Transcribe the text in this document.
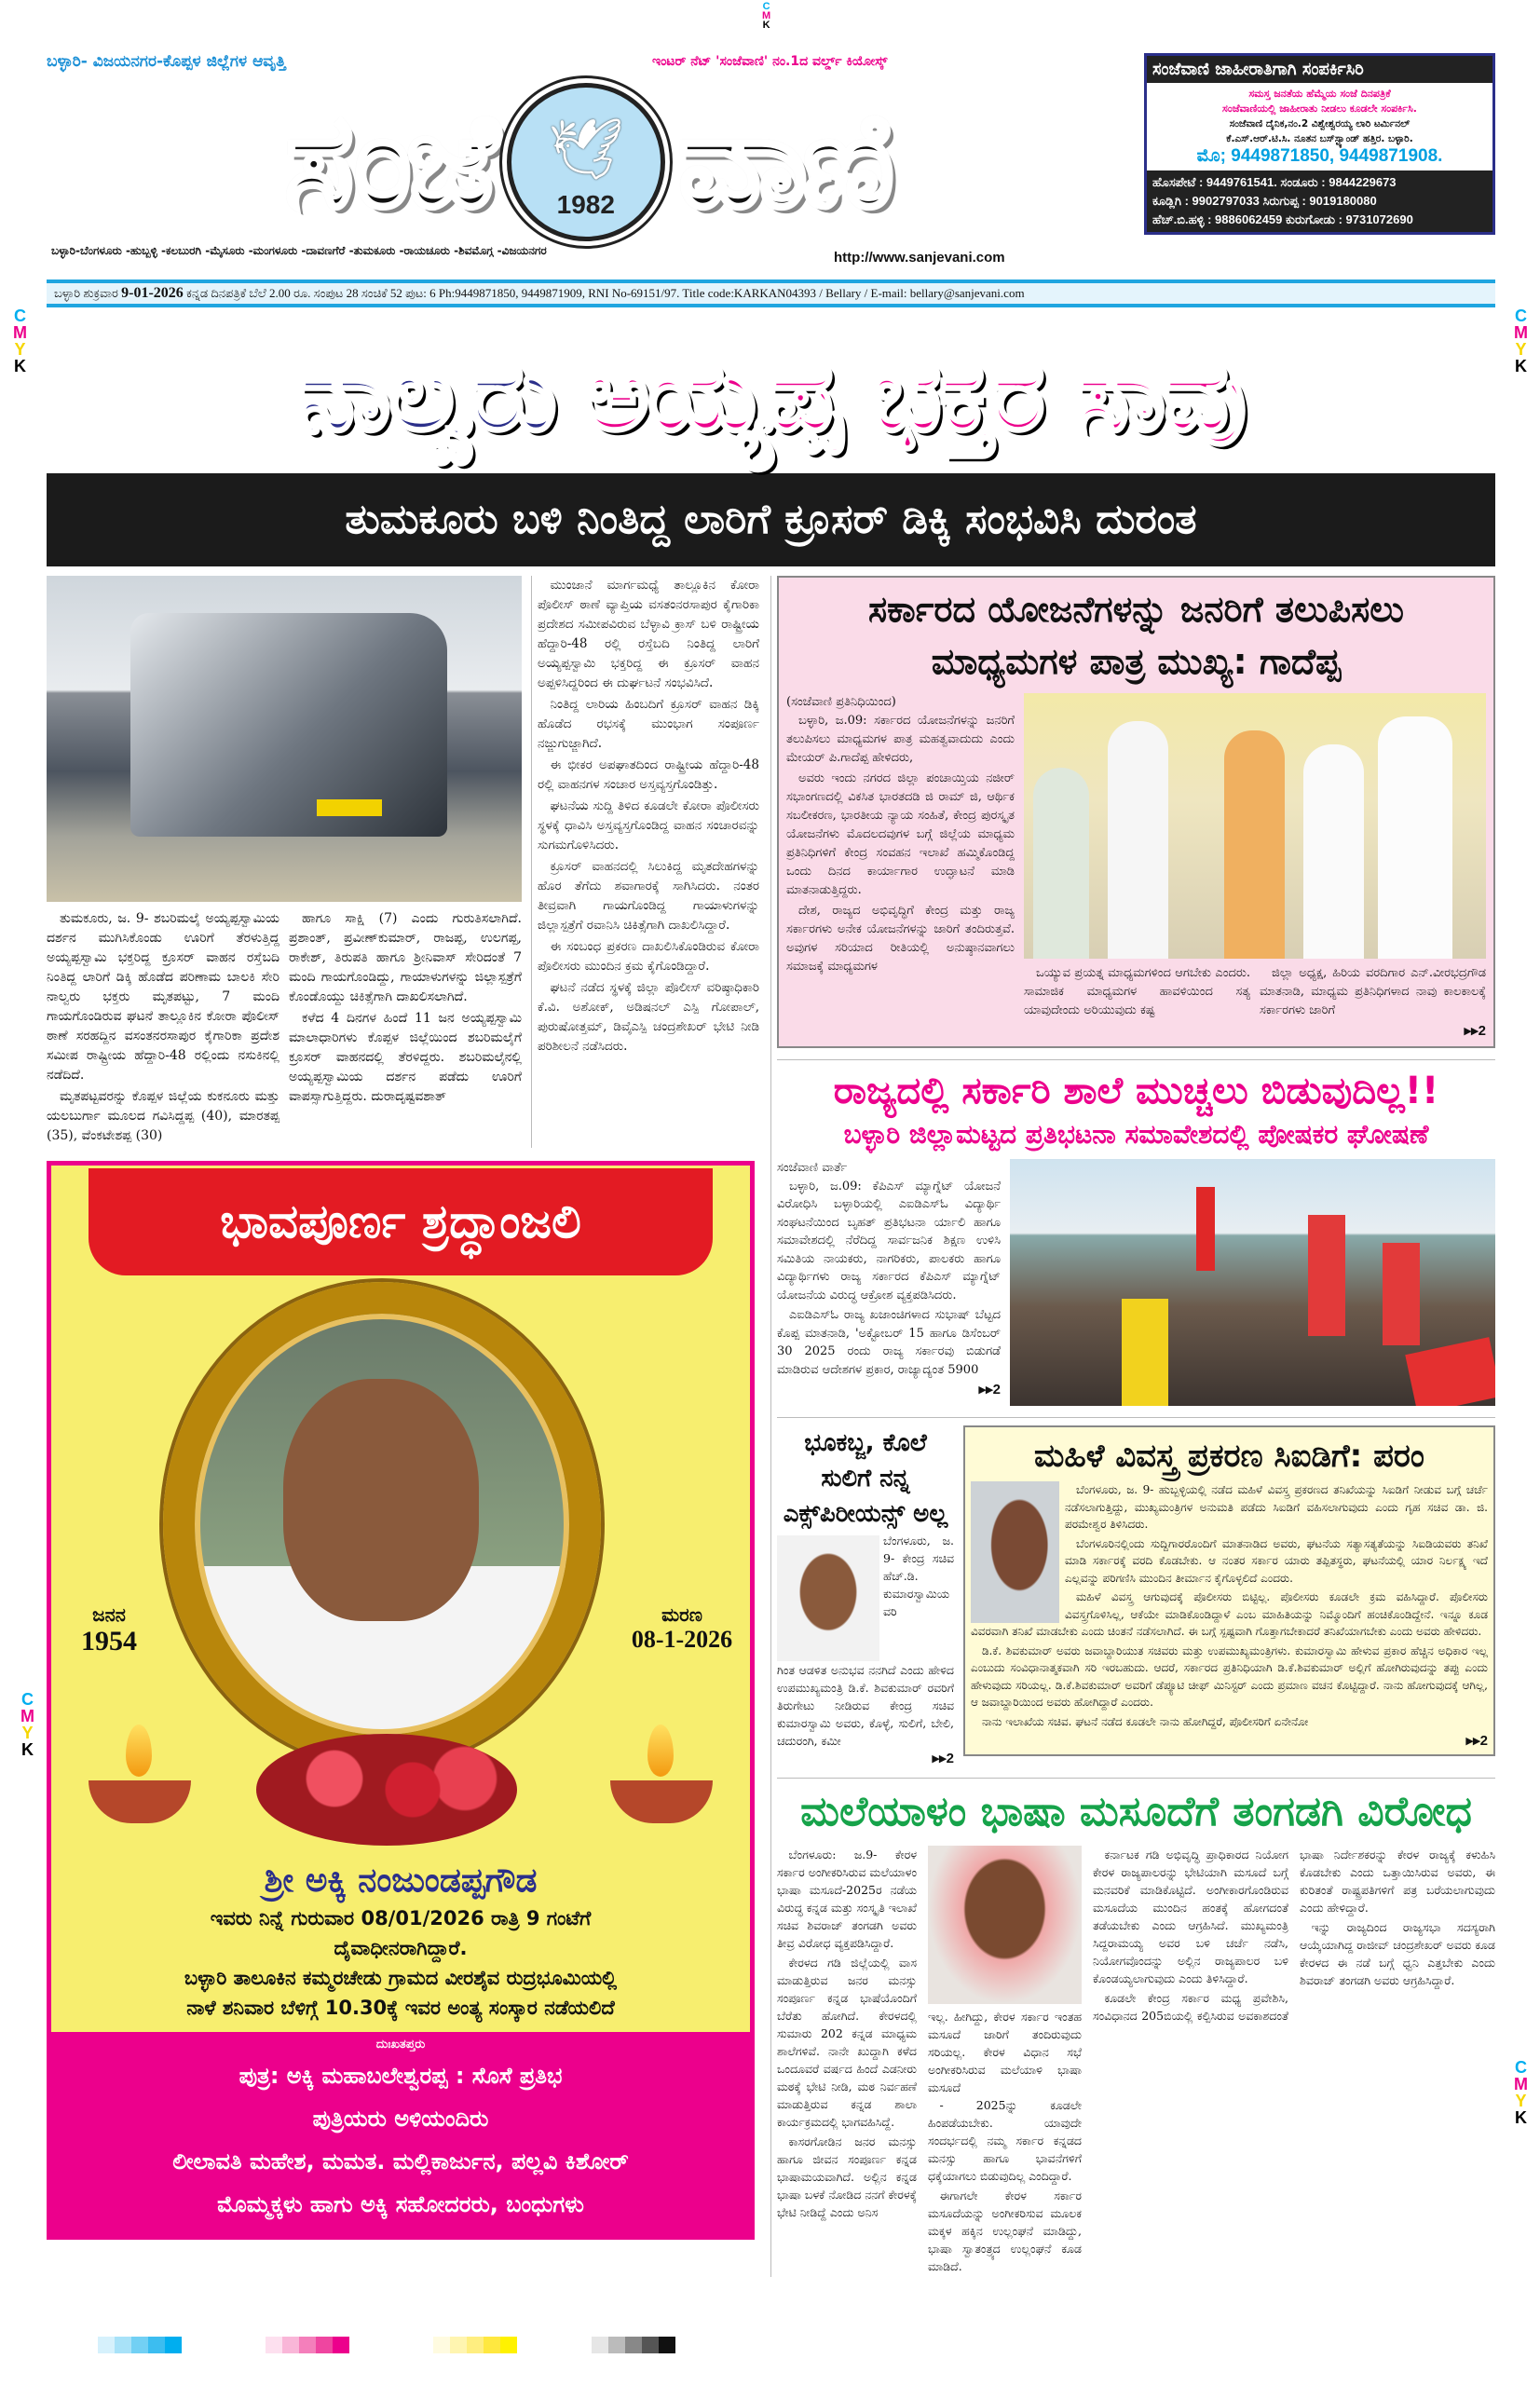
C
M
K
C
M
Y
K
C
M
Y
K
C
M
Y
K
C
M
Y
K
ಬಳ್ಳಾರಿ- ವಿಜಯನಗರ-ಕೊಪ್ಪಳ ಜಿಲ್ಲೆಗಳ ಆವೃತ್ತಿ	ಇಂಟರ್ ನೆಟ್ 'ಸಂಜೆವಾಣಿ' ನಂ.1ದ ವರ್ಲ್ಡ್ ಕಿಯೋಸ್ಕ್
ಸಂಜೆ 🕊
1982 ವಾಣಿ
ಬಳ್ಳಾರಿ-ಬೆಂಗಳೂರು -ಹುಬ್ಬಳ್ಳಿ -ಕಲಬುರಗಿ -ಮೈಸೂರು -ಮಂಗಳೂರು -ದಾವಣಗೆರೆ -ತುಮಕೂರು -ರಾಯಚೂರು -ಶಿವಮೊಗ್ಗ -ವಿಜಯನಗರ	http://www.sanjevani.com
ಸಂಜೆವಾಣಿ ಜಾಹೀರಾತಿಗಾಗಿ ಸಂಪರ್ಕಿಸಿರಿ
ಸಮಸ್ತ ಜನತೆಯ ಹೆಮ್ಮೆಯ ಸಂಜೆ ದಿನಪತ್ರಿಕೆ
ಸಂಜೆವಾಣಿಯಲ್ಲಿ ಜಾಹೀರಾತು ನೀಡಲು ಕೂಡಲೇ ಸಂಪರ್ಕಿಸಿ.
ಸಂಜೆವಾಣಿ ದೈನಿಕ,ನಂ.2 ವಿಶ್ವೇಶ್ವರಯ್ಯ ಲಾರಿ ಟರ್ಮಿನಲ್
ಕೆ.ಎಸ್.ಆರ್.ಟಿ.ಸಿ. ನೂತನ ಬಸ್‌ಸ್ಟ್ಯಾಂಡ್ ಹತ್ತಿರ. ಬಳ್ಳಾರಿ.
ಮೊ; 9449871850, 9449871908.
ಹೊಸಪೇಟೆ : 9449761541. ಸಂಡೂರು : 9844229673
ಕೂಡ್ಲಿಗಿ : 9902797033 ಸಿರುಗುಪ್ಪ : 9019180080
ಹೆಚ್.ಬಿ.ಹಳ್ಳಿ : 9886062459 ಕುರುಗೋಡು : 9731072690
ಬಳ್ಳಾರಿ ಶುಕ್ರವಾರ 9-01-2026 ಕನ್ನಡ ದಿನಪತ್ರಿಕೆ ಬೆಲೆ 2.00 ರೂ. ಸಂಪುಟ 28 ಸಂಚಿಕೆ 52 ಪುಟ: 6 Ph:9449871850, 9449871909, RNI No-69151/97. Title code:KARKAN04393 / Bellary / E-mail: bellary@sanjevani.com
ನಾಲ್ವರು ಅಯ್ಯಪ್ಪ ಭಕ್ತರ ಸಾವು
ತುಮಕೂರು ಬಳಿ ನಿಂತಿದ್ದ ಲಾರಿಗೆ ಕ್ರೂಸರ್ ಡಿಕ್ಕಿ ಸಂಭವಿಸಿ ದುರಂತ

ತುಮಕೂರು, ಜ. 9- ಶಬರಿಮಲೈ ಅಯ್ಯಪ್ಪಸ್ವಾಮಿಯ ದರ್ಶನ ಮುಗಿಸಿಕೊಂಡು ಊರಿಗೆ ತೆರಳುತ್ತಿದ್ದ ಅಯ್ಯಪ್ಪಸ್ವಾಮಿ ಭಕ್ತರಿದ್ದ ಕ್ರೂಸರ್ ವಾಹನ ರಸ್ತೆಬದಿ ನಿಂತಿದ್ದ ಲಾರಿಗೆ ಡಿಕ್ಕಿ ಹೊಡೆದ ಪರಿಣಾಮ ಬಾಲಕಿ ಸೇರಿ ನಾಲ್ವರು ಭಕ್ತರು ಮೃತಪಟ್ಟು, 7 ಮಂದಿ ಗಾಯಗೊಂಡಿರುವ ಘಟನೆ ತಾಲ್ಲೂಕಿನ ಕೋರಾ ಪೊಲೀಸ್ ಠಾಣೆ ಸರಹದ್ದಿನ ವಸಂತನರಸಾಪುರ ಕೈಗಾರಿಕಾ ಪ್ರದೇಶ ಸಮೀಪ ರಾಷ್ಟ್ರೀಯ ಹೆದ್ದಾರಿ-48 ರಲ್ಲಿಂದು ನಸುಕಿನಲ್ಲಿ ನಡೆದಿದೆ.

ಮೃತಪಟ್ಟವರನ್ನು ಕೊಪ್ಪಳ ಜಿಲ್ಲೆಯ ಕುಕನೂರು ಮತ್ತು ಯಲಬುರ್ಗಾ ಮೂಲದ ಗವಿಸಿದ್ದಪ್ಪ (40), ಮಾರತಪ್ಪ (35), ವೆಂಕಟೇಶಪ್ಪ (30)

ಹಾಗೂ ಸಾಕ್ಷಿ (7) ಎಂದು ಗುರುತಿಸಲಾಗಿದೆ. ಪ್ರಶಾಂತ್, ಪ್ರವೀಣ್‌ಕುಮಾರ್, ರಾಜಪ್ಪ, ಉಲಗಪ್ಪ, ರಾಕೇಶ್, ತಿರುಪತಿ ಹಾಗೂ ಶ್ರೀನಿವಾಸ್ ಸೇರಿದಂತೆ 7 ಮಂದಿ ಗಾಯಗೊಂಡಿದ್ದು, ಗಾಯಾಳುಗಳನ್ನು ಜಿಲ್ಲಾಸ್ಪತ್ರೆಗೆ ಕೊಂಡೊಯ್ದು ಚಿಕಿತ್ಸೆಗಾಗಿ ದಾಖಲಿಸಲಾಗಿದೆ.

ಕಳೆದ 4 ದಿನಗಳ ಹಿಂದೆ 11 ಜನ ಅಯ್ಯಪ್ಪಸ್ವಾಮಿ ಮಾಲಾಧಾರಿಗಳು ಕೊಪ್ಪಳ ಜಿಲ್ಲೆಯಿಂದ ಶಬರಿಮಲೈಗೆ ಕ್ರೂಸರ್ ವಾಹನದಲ್ಲಿ ತೆರಳಿದ್ದರು. ಶಬರಿಮಲೈನಲ್ಲಿ ಅಯ್ಯಪ್ಪಸ್ವಾಮಿಯ ದರ್ಶನ ಪಡೆದು ಊರಿಗೆ ವಾಪಸ್ಸಾಗುತ್ತಿದ್ದರು. ದುರಾದೃಷ್ಟವಶಾತ್

ಮುಂಜಾನೆ ಮಾರ್ಗಮಧ್ಯೆ ತಾಲ್ಲೂಕಿನ ಕೋರಾ ಪೊಲೀಸ್ ಠಾಣೆ ವ್ಯಾಪ್ತಿಯ ವಸತಂನರಸಾಪುರ ಕೈಗಾರಿಕಾ ಪ್ರದೇಶದ ಸಮೀಪವಿರುವ ಬೆಳ್ಳಾವಿ ಕ್ರಾಸ್ ಬಳಿ ರಾಷ್ಟ್ರೀಯ ಹೆದ್ದಾರಿ-48 ರಲ್ಲಿ ರಸ್ತೆಬದಿ ನಿಂತಿದ್ದ ಲಾರಿಗೆ ಅಯ್ಯಪ್ಪಸ್ವಾಮಿ ಭಕ್ತರಿದ್ದ ಈ ಕ್ರೂಸರ್ ವಾಹನ ಅಪ್ಪಳಿಸಿದ್ದರಿಂದ ಈ ದುರ್ಘಟನೆ ಸಂಭವಿಸಿದೆ.

ನಿಂತಿದ್ದ ಲಾರಿಯ ಹಿಂಬದಿಗೆ ಕ್ರೂಸರ್ ವಾಹನ ಡಿಕ್ಕಿ ಹೊಡೆದ ರಭಸಕ್ಕೆ ಮುಂಭಾಗ ಸಂಪೂರ್ಣ ನಜ್ಜುಗುಜ್ಜಾಗಿದೆ.

ಈ ಭೀಕರ ಅಪಘಾತದಿಂದ ರಾಷ್ಟ್ರೀಯ ಹೆದ್ದಾರಿ-48 ರಲ್ಲಿ ವಾಹನಗಳ ಸಂಚಾರ ಅಸ್ತವ್ಯಸ್ತಗೊಂಡಿತ್ತು.

ಘಟನೆಯ ಸುದ್ದಿ ತಿಳಿದ ಕೂಡಲೇ ಕೋರಾ ಪೊಲೀಸರು ಸ್ಥಳಕ್ಕೆ ಧಾವಿಸಿ ಅಸ್ತವ್ಯಸ್ತಗೊಂಡಿದ್ದ ವಾಹನ ಸಂಚಾರವನ್ನು ಸುಗಮಗೊಳಿಸಿದರು.

ಕ್ರೂಸರ್ ವಾಹನದಲ್ಲಿ ಸಿಲುಕಿದ್ದ ಮೃತದೇಹಗಳನ್ನು ಹೊರ ತೆಗೆದು ಶವಾಗಾರಕ್ಕೆ ಸಾಗಿಸಿದರು. ನಂತರ ತೀವ್ರವಾಗಿ ಗಾಯಗೊಂಡಿದ್ದ ಗಾಯಾಳುಗಳನ್ನು ಜಿಲ್ಲಾಸ್ಪತ್ರೆಗೆ ರವಾನಿಸಿ ಚಿಕಿತ್ಸೆಗಾಗಿ ದಾಖಲಿಸಿದ್ದಾರೆ.

ಈ ಸಂಬಂಧ ಪ್ರಕರಣ ದಾಖಲಿಸಿಕೊಂಡಿರುವ ಕೋರಾ ಪೊಲೀಸರು ಮುಂದಿನ ಕ್ರಮ ಕೈಗೊಂಡಿದ್ದಾರೆ.

ಘಟನೆ ನಡೆದ ಸ್ಥಳಕ್ಕೆ ಜಿಲ್ಲಾ ಪೊಲೀಸ್ ವರಿಷ್ಠಾಧಿಕಾರಿ ಕೆ.ವಿ. ಅಶೋಕ್, ಅಡಿಷನಲ್ ಎಸ್ಪಿ ಗೋಪಾಲ್, ಪುರುಷೋತ್ತಮ್, ಡಿವೈಎಸ್ಪಿ ಚಂದ್ರಶೇಖರ್ ಭೇಟಿ ನೀಡಿ ಪರಿಶೀಲನೆ ನಡೆಸಿದರು.

ಭಾವಪೂರ್ಣ ಶ್ರದ್ಧಾಂಜಲಿ
ಜನನ
1954
ಮರಣ
08-1-2026
ಶ್ರೀ ಅಕ್ಕಿ ನಂಜುಂಡಪ್ಪಗೌಡ
ಇವರು ನಿನ್ನೆ ಗುರುವಾರ 08/01/2026 ರಾತ್ರಿ 9 ಗಂಟೆಗೆ
ದೈವಾಧೀನರಾಗಿದ್ದಾರೆ.
ಬಳ್ಳಾರಿ ತಾಲೂಕಿನ ಕಮ್ಮರಚೇಡು ಗ್ರಾಮದ ವೀರಶೈವ ರುದ್ರಭೂಮಿಯಲ್ಲಿ
ನಾಳೆ ಶನಿವಾರ ಬೆಳಿಗ್ಗೆ 10.30ಕ್ಕೆ ಇವರ ಅಂತ್ಯ ಸಂಸ್ಕಾರ ನಡೆಯಲಿದೆ
ದುಃಖತಪ್ತರು
ಪುತ್ರ: ಅಕ್ಕಿ ಮಹಾಬಲೇಶ್ವರಪ್ಪ : ಸೊಸೆ ಪ್ರತಿಭ
ಪುತ್ರಿಯರು ಅಳಿಯಂದಿರು
ಲೀಲಾವತಿ ಮಹೇಶ, ಮಮತ. ಮಲ್ಲಿಕಾರ್ಜುನ, ಪಲ್ಲವಿ ಕಿಶೋರ್
ಮೊಮ್ಮಕ್ಕಳು ಹಾಗು ಅಕ್ಕಿ ಸಹೋದರರು, ಬಂಧುಗಳು
ಸರ್ಕಾರದ ಯೋಜನೆಗಳನ್ನು ಜನರಿಗೆ ತಲುಪಿಸಲು
ಮಾಧ್ಯಮಗಳ ಪಾತ್ರ ಮುಖ್ಯ: ಗಾದೆಪ್ಪ
(ಸಂಜೆವಾಣಿ ಪ್ರತಿನಿಧಿಯಿಂದ)

ಬಳ್ಳಾರಿ, ಜ.09: ಸರ್ಕಾರದ ಯೋಜನೆಗಳನ್ನು ಜನರಿಗೆ ತಲುಪಿಸಲು ಮಾಧ್ಯಮಗಳ ಪಾತ್ರ ಮಹತ್ವವಾದುದು ಎಂದು ಮೇಯರ್ ಪಿ.ಗಾದೆಪ್ಪ ಹೇಳಿದರು,

ಅವರು ಇಂದು ನಗರದ ಜಿಲ್ಲಾ ಪಂಚಾಯ್ತಿಯ ನಜೀರ್ ಸಭಾಂಗಣದಲ್ಲಿ ವಿಕಸಿತ ಭಾರತದಡಿ ಜಿ ರಾಮ್ ಜಿ, ಆರ್ಥಿಕ ಸಬಲೀಕರಣ, ಭಾರತೀಯ ನ್ಯಾಯ ಸಂಹಿತೆ, ಕೇಂದ್ರ ಪುರಸ್ಕೃತ ಯೋಜನೆಗಳು ಮೊದಲದವುಗಳ ಬಗ್ಗೆ ಜಿಲ್ಲೆಯ ಮಾಧ್ಯಮ ಪ್ರತಿನಿಧಿಗಳಿಗೆ ಕೇಂದ್ರ ಸಂವಹನ ಇಲಾಖೆ ಹಮ್ಮಿಕೊಂಡಿದ್ದ ಒಂದು ದಿನದ ಕಾರ್ಯಾಗಾರ ಉದ್ಘಾಟನೆ ಮಾಡಿ ಮಾತನಾಡುತ್ತಿದ್ದರು.

ದೇಶ, ರಾಜ್ಯದ ಅಭಿವೃದ್ಧಿಗೆ ಕೇಂದ್ರ ಮತ್ತು ರಾಜ್ಯ ಸರ್ಕಾರಗಳು ಅನೇಕ ಯೋಜನೆಗಳನ್ನು ಜಾರಿಗೆ ತಂದಿರುತ್ತವೆ. ಅವುಗಳ ಸರಿಯಾದ ರೀತಿಯಲ್ಲಿ ಅನುಷ್ಠಾನವಾಗಲು ಸಮಾಜಕ್ಕೆ ಮಾಧ್ಯಮಗಳ	ಒಯ್ಯುವ ಪ್ರಯತ್ನ ಮಾಧ್ಯಮಗಳಿಂದ ಆಗಬೇಕು ಎಂದರು. ಸಾಮಾಜಿಕ ಮಾಧ್ಯಮಗಳ ಹಾವಳಿಯಿಂದ ಸತ್ಯ ಯಾವುದೇಂದು ಅರಿಯುವುದು ಕಷ್ಟ

ಜಿಲ್ಲಾ ಅಧ್ಯಕ್ಷ, ಹಿರಿಯ ವರದಿಗಾರ ಎನ್.ವೀರಭದ್ರಗೌಡ ಮಾತನಾಡಿ, ಮಾಧ್ಯಮ ಪ್ರತಿನಿಧಿಗಳಾದ ನಾವು ಕಾಲಕಾಲಕ್ಕೆ ಸರ್ಕಾರಗಳು ಜಾರಿಗೆ

▸▸2
ರಾಜ್ಯದಲ್ಲಿ ಸರ್ಕಾರಿ ಶಾಲೆ ಮುಚ್ಚಲು ಬಿಡುವುದಿಲ್ಲ!!
ಬಳ್ಳಾರಿ ಜಿಲ್ಲಾಮಟ್ಟದ ಪ್ರತಿಭಟನಾ ಸಮಾವೇಶದಲ್ಲಿ ಪೋಷಕರ ಘೋಷಣೆ
ಸಂಜೆವಾಣಿ ವಾರ್ತೆ

ಬಳ್ಳಾರಿ, ಜ.09: ಕೆಪಿಎಸ್ ಮ್ಯಾಗ್ನೆಟ್ ಯೋಜನೆ ವಿರೋಧಿಸಿ ಬಳ್ಳಾರಿಯಲ್ಲಿ ಎಐಡಿಎಸ್‌ಓ ವಿದ್ಯಾರ್ಥಿ ಸಂಘಟನೆಯಿಂದ ಬೃಹತ್ ಪ್ರತಿಭಟನಾ ರ್ಯಾಲಿ ಹಾಗೂ ಸಮಾವೇಶದಲ್ಲಿ ನೆರೆದಿದ್ದ ಸಾರ್ವಜನಿಕ ಶಿಕ್ಷಣ ಉಳಿಸಿ ಸಮಿತಿಯ ನಾಯಕರು, ನಾಗರಿಕರು, ಪಾಲಕರು ಹಾಗೂ ವಿದ್ಯಾರ್ಥಿಗಳು ರಾಜ್ಯ ಸರ್ಕಾರದ ಕೆಪಿಎಸ್ ಮ್ಯಾಗ್ನೆಟ್ ಯೋಜನೆಯ ವಿರುದ್ಧ ಆಕ್ರೋಶ ವ್ಯಕ್ತಪಡಿಸಿದರು.

ಎಐಡಿಎಸ್‌ಓ ರಾಜ್ಯ ಖಜಾಂಚಿಗಳಾದ ಸುಭಾಷ್ ಬೆಟ್ಟದ ಕೊಪ್ಪ ಮಾತನಾಡಿ, 'ಅಕ್ಟೋಬರ್ 15 ಹಾಗೂ ಡಿಸೆಂಬರ್ 30 2025 ರಂದು ರಾಜ್ಯ ಸರ್ಕಾರವು ಬಿಡುಗಡೆ ಮಾಡಿರುವ ಆದೇಶಗಳ ಪ್ರಕಾರ, ರಾಜ್ಯಾದ್ಯಂತ 5900

▸▸2
ಭೂಕಬ್ಜ, ಕೊಲೆ ಸುಲಿಗೆ ನನ್ನ ಎಕ್ಸ್‌ಪಿರೀಯನ್ಸ್ ಅಲ್ಲ
ಬೆಂಗಳೂರು, ಜ. 9- ಕೇಂದ್ರ ಸಚಿವ ಹೆಚ್.ಡಿ. ಕುಮಾರಸ್ವಾಮಿಯವರಿ
ಗಿಂತ ಆಡಳಿತ ಅನುಭವ ನನಗಿದೆ ಎಂದು ಹೇಳಿದ ಉಪಮುಖ್ಯಮಂತ್ರಿ ಡಿ.ಕೆ. ಶಿವಕುಮಾರ್ ರವರಿಗೆ ತಿರುಗೇಟು ನೀಡಿರುವ ಕೇಂದ್ರ ಸಚಿವ ಕುಮಾರಸ್ವಾಮಿ ಅವರು, ಕೊಳ್ಳೆ, ಸುಲಿಗೆ, ಬೇಲಿ, ಚದುರಂಗಿ, ಕಮೀ
▸▸2
ಮಹಿಳೆ ವಿವಸ್ತ್ರ ಪ್ರಕರಣ ಸಿಐಡಿಗೆ: ಪರಂ

ಬೆಂಗಳೂರು, ಜ. 9- ಹುಬ್ಬಳ್ಳಿಯಲ್ಲಿ ನಡೆದ ಮಹಿಳೆ ವಿವಸ್ತ್ರ ಪ್ರಕರಣದ ತನಿಖೆಯನ್ನು ಸಿಐಡಿಗೆ ನೀಡುವ ಬಗ್ಗೆ ಚರ್ಚೆ ನಡೆಸಲಾಗುತ್ತಿದ್ದು, ಮುಖ್ಯಮಂತ್ರಿಗಳ ಅನುಮತಿ ಪಡೆದು ಸಿಐಡಿಗೆ ವಹಿಸಲಾಗುವುದು ಎಂದು ಗೃಹ ಸಚಿವ ಡಾ. ಜಿ. ಪರಮೇಶ್ವರ ತಿಳಿಸಿದರು.

ಬೆಂಗಳೂರಿನಲ್ಲಿಂದು ಸುದ್ದಿಗಾರರೊಂದಿಗೆ ಮಾತನಾಡಿದ ಅವರು, ಘಟನೆಯ ಸತ್ಯಾಸತ್ಯತೆಯನ್ನು ಸಿಐಡಿಯವರು ತನಿಖೆ ಮಾಡಿ ಸರ್ಕಾರಕ್ಕೆ ವರದಿ ಕೊಡಬೇಕು. ಆ ನಂತರ ಸರ್ಕಾರ ಯಾರು ತಪ್ಪಿತಸ್ಥರು, ಘಟನೆಯಲ್ಲಿ ಯಾರ ನಿರ್ಲಕ್ಷ್ಯ ಇದೆ ಎಲ್ಲವನ್ನು ಪರಿಗಣಿಸಿ ಮುಂದಿನ ತೀರ್ಮಾನ ಕೈಗೊಳ್ಳಲಿದೆ ಎಂದರು.

ಮಹಿಳೆ ವಿವಸ್ತ್ರ ಆಗುವುದಕ್ಕೆ ಪೊಲೀಸರು ಬಿಟ್ಟಿಲ್ಲ. ಪೊಲೀಸರು ಕೂಡಲೇ ಕ್ರಮ ವಹಿಸಿದ್ದಾರೆ. ಪೊಲೀಸರು ವಿವಸ್ತ್ರಗೊಳಿಸಿಲ್ಲ, ಆಕೆಯೇ ಮಾಡಿಕೊಂಡಿದ್ದಾಳೆ ಎಂಬ ಮಾಹಿತಿಯನ್ನು ನಿಮ್ಮೊಂದಿಗೆ ಹಂಚಿಕೊಂಡಿದ್ದೇನೆ. ಇನ್ನೂ ಕೂಡ ವಿವರವಾಗಿ ತನಿಖೆ ಮಾಡಬೇಕು ಎಂದು ಚಿಂತನೆ ನಡೆಸಲಾಗಿದೆ. ಈ ಬಗ್ಗೆ ಸ್ಪಷ್ಟವಾಗಿ ಗೊತ್ತಾಗಬೇಕಾದರೆ ತನಿಖೆಯಾಗಬೇಕು ಎಂದು ಅವರು ಹೇಳಿದರು.

ಡಿ.ಕೆ. ಶಿವಕುಮಾರ್ ಅವರು ಜವಾಬ್ದಾರಿಯುತ ಸಚಿವರು ಮತ್ತು ಉಪಮುಖ್ಯಮಂತ್ರಿಗಳು. ಕುಮಾರಸ್ವಾಮಿ ಹೇಳುವ ಪ್ರಕಾರ ಹೆಚ್ಚಿನ ಅಧಿಕಾರ ಇಲ್ಲ ಎಂಬುದು ಸಂವಿಧಾನಾತ್ಮಕವಾಗಿ ಸರಿ ಇರಬಹುದು. ಆದರೆ, ಸರ್ಕಾರದ ಪ್ರತಿನಿಧಿಯಾಗಿ ಡಿ.ಕೆ.ಶಿವಕುಮಾರ್ ಅಲ್ಲಿಗೆ ಹೋಗಿರುವುದನ್ನು ತಪ್ಪು ಎಂದು ಹೇಳುವುದು ಸರಿಯಲ್ಲ. ಡಿ.ಕೆ.ಶಿವಕುಮಾರ್ ಅವರಿಗೆ ಡೆಪ್ಯೂಟಿ ಚೀಫ್ ಮಿನಿಸ್ಟರ್ ಎಂದು ಪ್ರಮಾಣ ವಚನ ಕೊಟ್ಟಿದ್ದಾರೆ. ನಾನು ಹೋಗುವುದಕ್ಕೆ ಆಗಿಲ್ಲ, ಆ ಜವಾಬ್ದಾರಿಯಿಂದ ಅವರು ಹೋಗಿದ್ದಾರೆ ಎಂದರು.

ನಾನು ಇಲಾಖೆಯ ಸಚಿವ. ಘಟನೆ ನಡೆದ ಕೂಡಲೇ ನಾನು ಹೋಗಿದ್ದರೆ, ಪೊಲೀಸರಿಗೆ ಏನೇನೋ

▸▸2
ಮಲೆಯಾಳಂ ಭಾಷಾ ಮಸೂದೆಗೆ ತಂಗಡಗಿ ವಿರೋಧ

ಬೆಂಗಳೂರು: ಜ.9- ಕೇರಳ ಸರ್ಕಾರ ಅಂಗೀಕರಿಸಿರುವ ಮಲೆಯಾಳಂ ಭಾಷಾ ಮಸೂದೆ-2025ರ ನಡೆಯ ವಿರುದ್ಧ ಕನ್ನಡ ಮತ್ತು ಸಂಸ್ಕೃತಿ ಇಲಾಖೆ ಸಚಿವ ಶಿವರಾಜ್ ತಂಗಡಗಿ ಅವರು ತೀವ್ರ ವಿರೋಧ ವ್ಯಕ್ತಪಡಿಸಿದ್ದಾರೆ.

ಕೇರಳದ ಗಡಿ ಜಿಲ್ಲೆಯಲ್ಲಿ ವಾಸ ಮಾಡುತ್ತಿರುವ ಜನರ ಮನಸ್ಸು ಸಂಪೂರ್ಣ ಕನ್ನಡ ಭಾಷೆಯೊಂದಿಗೆ ಬೆರೆತು ಹೋಗಿದೆ. ಕೇರಳದಲ್ಲಿ ಸುಮಾರು 202 ಕನ್ನಡ ಮಾಧ್ಯಮ ಶಾಲೆಗಳಿವೆ. ನಾನೇ ಖುದ್ದಾಗಿ ಕಳೆದ ಒಂದೂವರೆ ವರ್ಷದ ಹಿಂದೆ ಎಡನೀರು ಮಠಕ್ಕೆ ಭೇಟಿ ನೀಡಿ, ಮಠ ನಿರ್ವಹಣೆ ಮಾಡುತ್ತಿರುವ ಕನ್ನಡ ಶಾಲಾ ಕಾರ್ಯಕ್ರಮದಲ್ಲಿ ಭಾಗವಹಿಸಿದ್ದೆ.

ಕಾಸರಗೋಡಿನ ಜನರ ಮನಸ್ಸು ಹಾಗೂ ಜೀವನ ಸಂಪೂರ್ಣ ಕನ್ನಡ ಭಾಷಾಮಯವಾಗಿದೆ. ಅಲ್ಲಿನ ಕನ್ನಡ ಭಾಷಾ ಬಳಕೆ ನೋಡಿದ ನನಗೆ ಕೇರಳಕ್ಕೆ ಭೇಟಿ ನೀಡಿದ್ದೆ ಎಂದು ಅನಿಸ

ಇಲ್ಲ. ಹೀಗಿದ್ದು, ಕೇರಳ ಸರ್ಕಾರ ಇಂತಹ ಮಸೂದೆ ಜಾರಿಗೆ ತಂದಿರುವುದು ಸರಿಯಲ್ಲ. ಕೇರಳ ವಿಧಾನ ಸಭೆ ಅಂಗೀಕರಿಸಿರುವ ಮಲೆಯಾಳಿ ಭಾಷಾ ಮಸೂದೆ

- 2025ನ್ನು ಕೂಡಲೇ ಹಿಂಪಡೆಯಬೇಕು. ಯಾವುದೇ ಸಂದರ್ಭದಲ್ಲಿ ನಮ್ಮ ಸರ್ಕಾರ ಕನ್ನಡದ ಮನಸ್ಸು ಹಾಗೂ ಭಾವನೆಗಳಿಗೆ ಧಕ್ಕೆಯಾಗಲು ಬಿಡುವುದಿಲ್ಲ ಎಂದಿದ್ದಾರೆ.

ಈಗಾಗಲೇ ಕೇರಳ ಸರ್ಕಾರ ಮಸೂದೆಯನ್ನು ಅಂಗೀಕರಿಸುವ ಮೂಲಕ ಮಕ್ಕಳ ಹಕ್ಕಿನ ಉಲ್ಲಂಘನೆ ಮಾಡಿದ್ದು, ಭಾಷಾ ಸ್ವಾತಂತ್ರ್ಯದ ಉಲ್ಲಂಘನೆ ಕೂಡ ಮಾಡಿದೆ.

ಕರ್ನಾಟಕ ಗಡಿ ಅಭಿವೃದ್ಧಿ ಪ್ರಾಧಿಕಾರದ ನಿಯೋಗ ಕೇರಳ ರಾಜ್ಯಪಾಲರನ್ನು ಭೇಟಿಯಾಗಿ ಮಸೂದೆ ಬಗ್ಗೆ ಮನವರಿಕೆ ಮಾಡಿಕೊಟ್ಟಿದೆ. ಅಂಗೀಕಾರಗೊಂಡಿರುವ ಮಸೂದೆಯ ಮುಂದಿನ ಹಂತಕ್ಕೆ ಹೋಗದಂತೆ ತಡೆಯಬೇಕು ಎಂದು ಆಗ್ರಹಿಸಿದೆ. ಮುಖ್ಯಮಂತ್ರಿ ಸಿದ್ದರಾಮಯ್ಯ ಅವರ ಬಳಿ ಚರ್ಚೆ ನಡೆಸಿ, ನಿಯೋಗವೊಂದನ್ನು ಅಲ್ಲಿನ ರಾಜ್ಯಪಾಲರ ಬಳಿ ಕೊಂಡಯ್ಯಲಾಗುವುದು ಎಂದು ತಿಳಿಸಿದ್ದಾರೆ.

ಕೂಡಲೇ ಕೇಂದ್ರ ಸರ್ಕಾರ ಮಧ್ಯ ಪ್ರವೇಶಿಸಿ, ಸಂವಿಧಾನದ 205ಬಿಯಲ್ಲಿ ಕಲ್ಪಿಸಿರುವ ಅವಕಾಶದಂತೆ ಭಾಷಾ ನಿರ್ದೇಶಕರನ್ನು ಕೇರಳ ರಾಜ್ಯಕ್ಕೆ ಕಳುಹಿಸಿ ಕೊಡಬೇಕು ಎಂದು ಒತ್ತಾಯಿಸಿರುವ ಅವರು, ಈ ಕುರಿತಂತೆ ರಾಷ್ಟ್ರಪತಿಗಳಿಗೆ ಪತ್ರ ಬರೆಯಲಾಗುವುದು ಎಂದು ಹೇಳಿದ್ದಾರೆ.

ಇನ್ನು ರಾಜ್ಯದಿಂದ ರಾಜ್ಯಸಭಾ ಸದಸ್ಯರಾಗಿ ಆಯ್ಕೆಯಾಗಿದ್ದ ರಾಜೀವ್ ಚಂದ್ರಶೇಖರ್ ಅವರು ಕೂಡ ಕೇರಳದ ಈ ನಡೆ ಬಗ್ಗೆ ಧ್ವನಿ ಎತ್ತಬೇಕು ಎಂದು ಶಿವರಾಜ್ ತಂಗಡಗಿ ಅವರು ಆಗ್ರಹಿಸಿದ್ದಾರೆ.
